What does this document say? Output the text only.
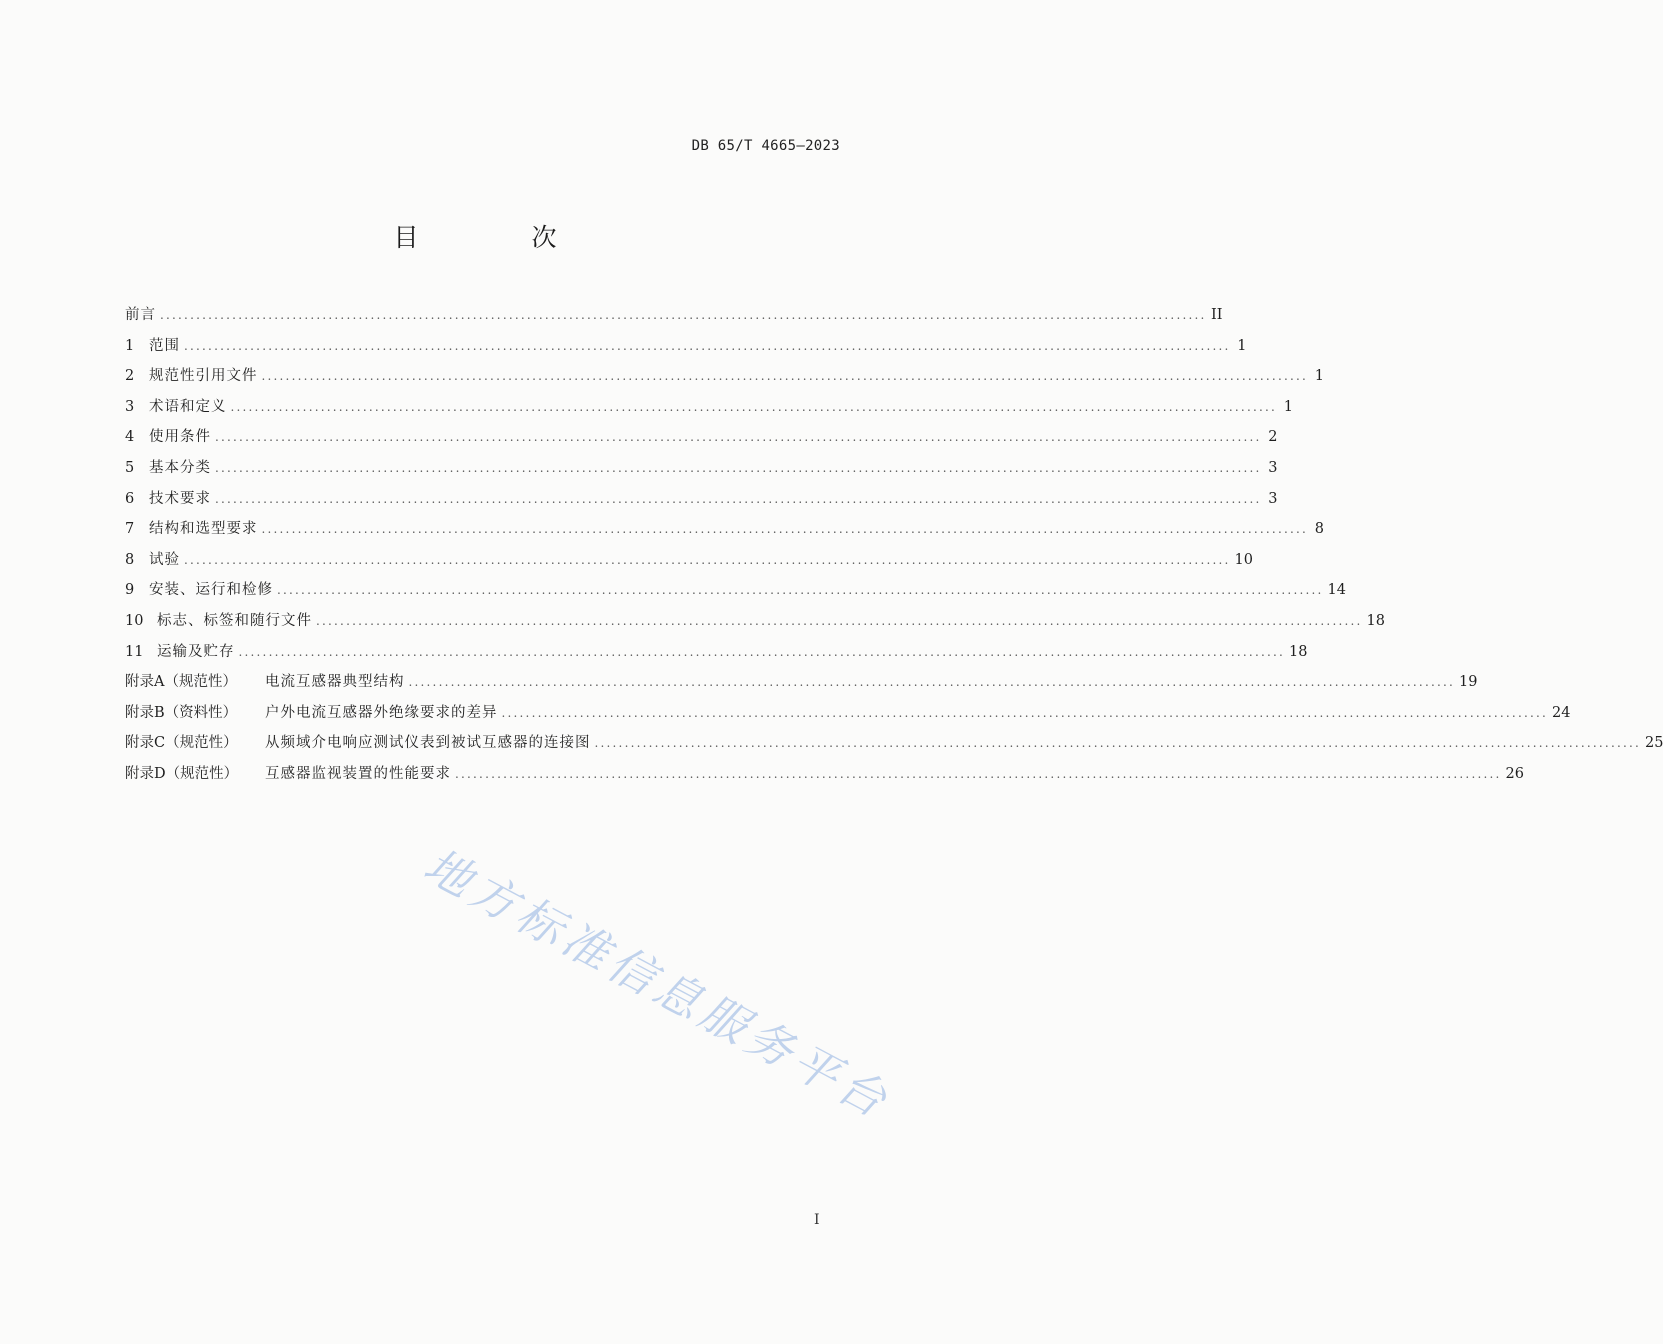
DB 65/T 4665—2023
目　次
前言 .............................................................................................................................................................................. II
1	范围 .............................................................................................................................................................................. 1
2	规范性引用文件 .............................................................................................................................................................................. 1
3	术语和定义 .............................................................................................................................................................................. 1
4	使用条件 .............................................................................................................................................................................. 2
5	基本分类 .............................................................................................................................................................................. 3
6	技术要求 .............................................................................................................................................................................. 3
7	结构和选型要求 .............................................................................................................................................................................. 8
8	试验 .............................................................................................................................................................................. 10
9	安装、运行和检修 .............................................................................................................................................................................. 14
10 标志、标签和随行文件 .............................................................................................................................................................................. 18
11 运输及贮存 .............................................................................................................................................................................. 18
附录A（规范性）	电流互感器典型结构 .............................................................................................................................................................................. 19
附录B（资料性）	户外电流互感器外绝缘要求的差异 .............................................................................................................................................................................. 24
附录C（规范性）	从频域介电响应测试仪表到被试互感器的连接图 .............................................................................................................................................................................. 25
附录D（规范性）	互感器监视装置的性能要求 .............................................................................................................................................................................. 26
地方标准信息服务平台
I
